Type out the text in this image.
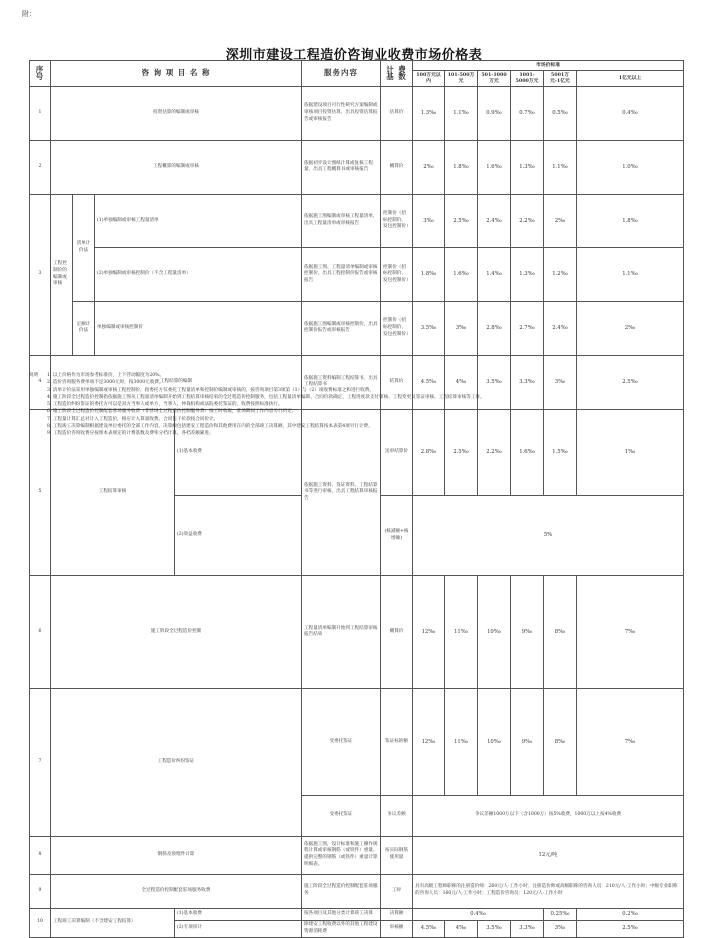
附：
深圳市建设工程造价咨询业收费市场价格表
序号	咨 询 项 目 名 称				服务内容	计 费 基 数	市场价标准	
							100万元以内	101-500万元	501-1000万元	1001-5000万元	5001万元-1亿元	1亿元以上	
1	投资估算的编制或审核				依据建设项目可行性研究方案编制或审核项目投资估算，出具投资估算报告或审核报告	估算价	1.3‰	1.1‰	0.9‰	0.7‰	0.5‰	0.4‰	
2	工程概算的编制或审核				依据初步设计图纸计算或复核工程量，出具工程概算书或审核报告	概算价	2‰	1.8‰	1.6‰	1.3‰	1.1‰	1.0‰	
3	工程控制价的编制或审核	清单计价法	(1)单独编制或审核工程量清单		依据施工图编制或审核工程量清单，出具工程量清单或审核报告	控制价（招标控制价、发包控制价）	3‰	2.5‰	2.4‰	2.2‰	2‰	1.8‰	
			(2)单独编制或审核控制价（不含工程量清单）		依据施工图、工程量清单编制或审核控制价，出具工程控制价报告或审核报告	控制价（招标控制价、发包控制价）	1.8‰	1.6‰	1.4‰	1.3‰	1.2‰	1.1‰	
		定额计价法	单独编制或审核控制价		依据施工图编制或审核控制价，出具控制价报告或审核报告	控制价（招标控制价、发包控制价）	3.5‰	3‰	2.8‰	2.7‰	2.4‰	2‰	
4	工程结算的编制				依据施工资料编制工程结算书，出具工程结算书	结算价	4.5‰	4‰	3.5‰	3.3‰	3‰	2.5‰	
5	工程结算审核			(1)基本收费	依据施工资料、签证资料、工程结算书等进行审核，出具工程结算审核报告	送审结算价	2.8‰	2.5‰	2.2‰	1.6‰	1.5‰	1‰	
				(2)效益收费		(核减额+核增额)	5%	
6	施工阶段全过程造价控制				工程量清单编制开始到工程结算审核报告结束	概算价	12‰	11‰	10‰	9‰	8‰	7‰	
7	工程造价纠纷鉴证				受委托鉴证	鉴证标的额	12‰	11‰	10‰	9‰	8‰	7‰	
					受委托鉴证	争议差额	争议差额1000万以下（含1000万）按5%收费，1000万以上按4%收费	
8	钢筋及预埋件计算				依据施工图，设计标准和施工操作规程计算或审核钢筋（或铁件）重量。提供完整的钢筋（或铁件）重量计算明细表。	按实际钢筋使用量	12元/吨						
9	全过程造价控制配套驻场服务收费				施工阶段全过程造价控制配套驻场服务	工时	具有高级工程师职称的注册造价师：260元/人·工作小时；注册造价师或高级职称的咨询人员：210元/人·工作小时；中级专业职称的咨询人员：160元/人·工作小时；工程造价咨询员：120元/人·工作小时						
10	工程竣工决算编制（不含建安工程结算）			(1)基本收费	按各项目及其他分类计算竣工决算	决算额	0.4‰				0.25‰	0.2‰	
				(2)专项审计	除建安工程收费以外的其他工程建设资源消耗费	审核额	4.5‰	4‰	3.5‰	3.3‰	3‰	2.5‰	
说明 1. 以上价格作为市场参考标准价，上下浮动幅度为20%。
2. 造价咨询服务费单项不足3000元时，按3000元收费。
3. 清单计价法采用单独编制或审核工程控制价，指委托方仅委托工程量清单和控制价编制或审核的，按咨询项目第3项第（1）与（2）项收费标准之和进行收费。
4. 施工阶段全过程造价控制指依据施工图从工程量清单编制开始到工程结算审核结束的全过程造价控制服务，包括工程量清单编制、合同价款确定、工程进度款支付审核、工程变更及签证审核、工程结算审核等工作。
5. 工程造价纠纷鉴证的委托方可以是双方当事人或单方，当事人、仲裁机构或法院委托鉴证的，收费按照标准执行。
6. 施工阶段全过程造价控制配套驻场服务收费（非驻场全过程造价控制服务费）按工时收取，驻场期间工作内容另行约定。
7. 工程量计算汇总对计入工程造价，相应计入算量收费。合同包干价款按合同价计。
8. 工程竣工决算编制根据建设单位委托的全部工作内容，决算额包括建安工程造价和其他费用在内的全部竣工决算额，其中建安工程结算按本表第4项另行计费。
9. 工程造价咨询收费应按照本表规定的计费基数及费率分档计算，各档差额累进。
